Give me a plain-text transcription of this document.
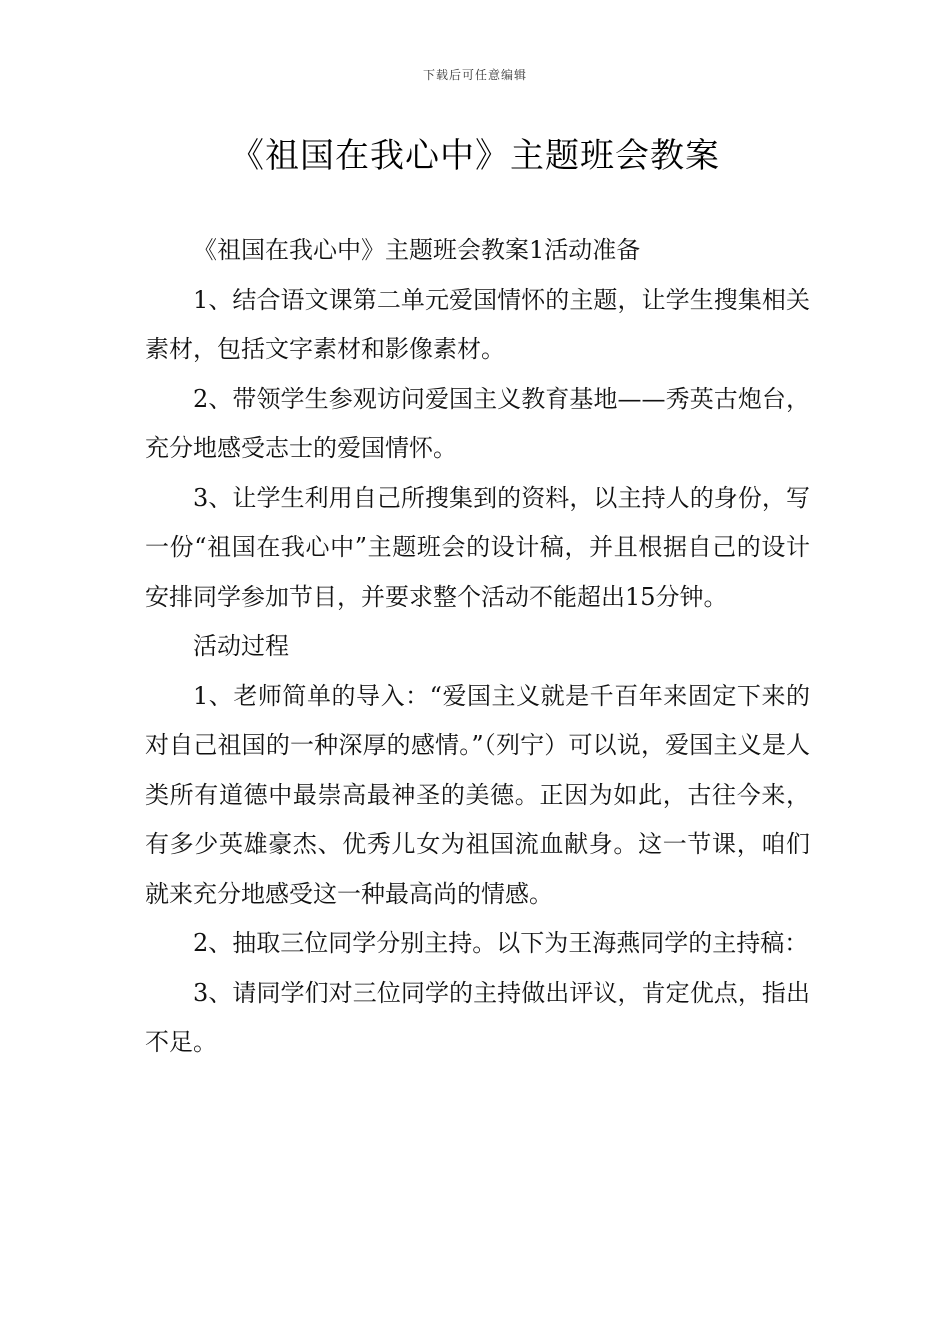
下载后可任意编辑
《祖国在我心中》主题班会教案

《祖国在我心中》主题班会教案1活动准备

1、结合语文课第二单元爱国情怀的主题，让学生搜集相关素材，包括文字素材和影像素材。

2、带领学生参观访问爱国主义教育基地——秀英古炮台，充分地感受志士的爱国情怀。

3、让学生利用自己所搜集到的资料，以主持人的身份，写一份“祖国在我心中”主题班会的设计稿，并且根据自己的设计安排同学参加节目，并要求整个活动不能超出15分钟。

活动过程

1、老师简单的导入：“爱国主义就是千百年来固定下来的对自己祖国的一种深厚的感情。”（列宁）可以说，爱国主义是人类所有道德中最崇高最神圣的美德。正因为如此，古往今来，有多少英雄豪杰、优秀儿女为祖国流血献身。这一节课，咱们就来充分地感受这一种最高尚的情感。

2、抽取三位同学分别主持。以下为王海燕同学的主持稿：

3、请同学们对三位同学的主持做出评议，肯定优点，指出不足。
